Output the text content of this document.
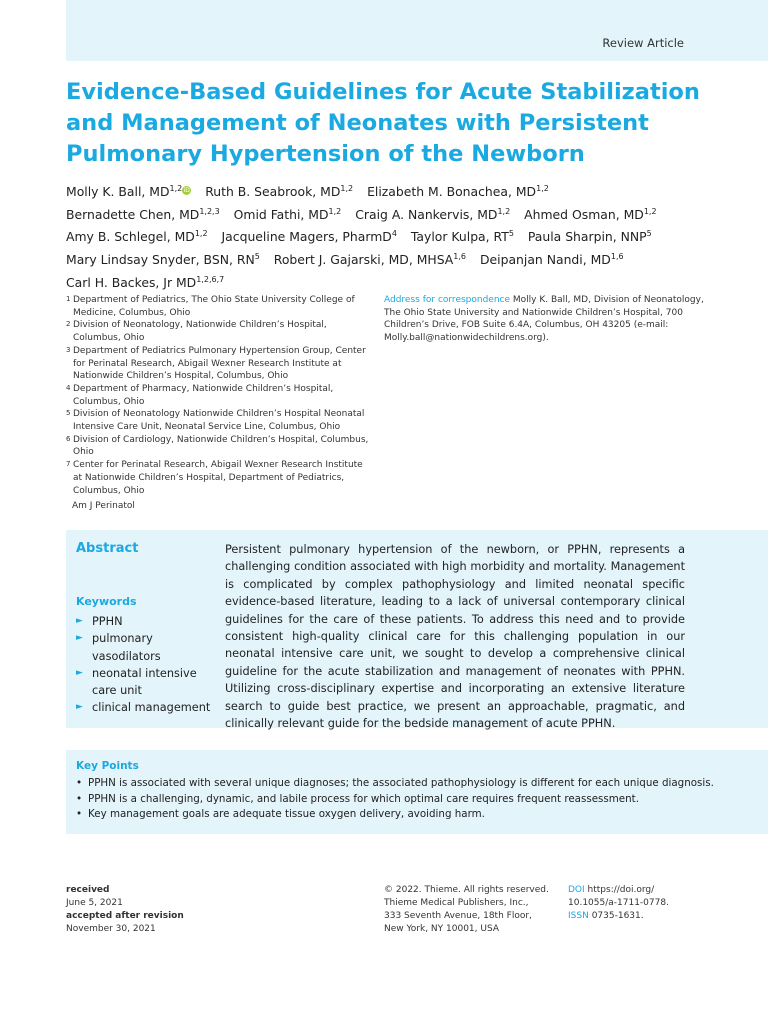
Review Article
Evidence-Based Guidelines for Acute Stabilization and Management of Neonates with Persistent Pulmonary Hypertension of the Newborn
Molly K. Ball, MD$^{1,2}$iD Ruth B. Seabrook, MD$^{1,2}$ Elizabeth M. Bonachea, MD$^{1,2}$ Bernadette Chen, MD$^{1,2,3}$ Omid Fathi, MD$^{1,2}$ Craig A. Nankervis, MD$^{1,2}$ Ahmed Osman, MD$^{1,2}$ Amy B. Schlegel, MD$^{1,2}$ Jacqueline Magers, PharmD$^4$ Taylor Kulpa, $RT^5$ Paula Sharpin, NNP$^5$ Mary Lindsay Snyder, BSN, $RN^5$ Robert J. Gajarski, MD, MHSA$^{1,6}$ Deipanjan Nandi, MD$^{1,6}$ Carl H. Backes, Jr MD$^{1,2,6,7}$
1 Department of Pediatrics, The Ohio State University College of Medicine, Columbus, Ohio
2 Division of Neonatology, Nationwide Children’s Hospital, Columbus, Ohio
3 Department of Pediatrics Pulmonary Hypertension Group, Center for Perinatal Research, Abigail Wexner Research Institute at Nationwide Children’s Hospital, Columbus, Ohio
4 Department of Pharmacy, Nationwide Children’s Hospital, Columbus, Ohio
5 Division of Neonatology Nationwide Children’s Hospital Neonatal Intensive Care Unit, Neonatal Service Line, Columbus, Ohio
6 Division of Cardiology, Nationwide Children’s Hospital, Columbus, Ohio
7 Center for Perinatal Research, Abigail Wexner Research Institute at Nationwide Children’s Hospital, Department of Pediatrics, Columbus, Ohio
Address for correspondence Molly K. Ball, MD, Division of Neonatology, The Ohio State University and Nationwide Children’s Hospital, 700 Children’s Drive, FOB Suite 6.4A, Columbus, OH 43205 (e-mail: Molly.ball@nationwidechildrens.org).
Am J Perinatol
Abstract
Keywords
► PPHN
► pulmonary vasodilators
► neonatal intensive care unit
► clinical management
Persistent pulmonary hypertension of the newborn, or PPHN, represents a challenging condition associated with high morbidity and mortality. Management is complicated by complex pathophysiology and limited neonatal specific evidence-based literature, leading to a lack of universal contemporary clinical guidelines for the care of these patients. To address this need and to provide consistent high-quality clinical care for this challenging population in our neonatal intensive care unit, we sought to develop a comprehensive clinical guideline for the acute stabilization and management of neonates with PPHN. Utilizing cross-disciplinary expertise and incorporating an extensive literature search to guide best practice, we present an approachable, pragmatic, and clinically relevant guide for the bedside management of acute PPHN.
Key Points
• PPHN is associated with several unique diagnoses; the associated pathophysiology is different for each unique diagnosis.
• PPHN is a challenging, dynamic, and labile process for which optimal care requires frequent reassessment.
• Key management goals are adequate tissue oxygen delivery, avoiding harm.
received
June 5, 2021
accepted after revision
November 30, 2021
© 2022. Thieme. All rights reserved.
Thieme Medical Publishers, Inc.,
333 Seventh Avenue, 18th Floor,
New York, NY 10001, USA
DOI https://doi.org/ 10.1055/a-1711-0778.
ISSN 0735-1631.
